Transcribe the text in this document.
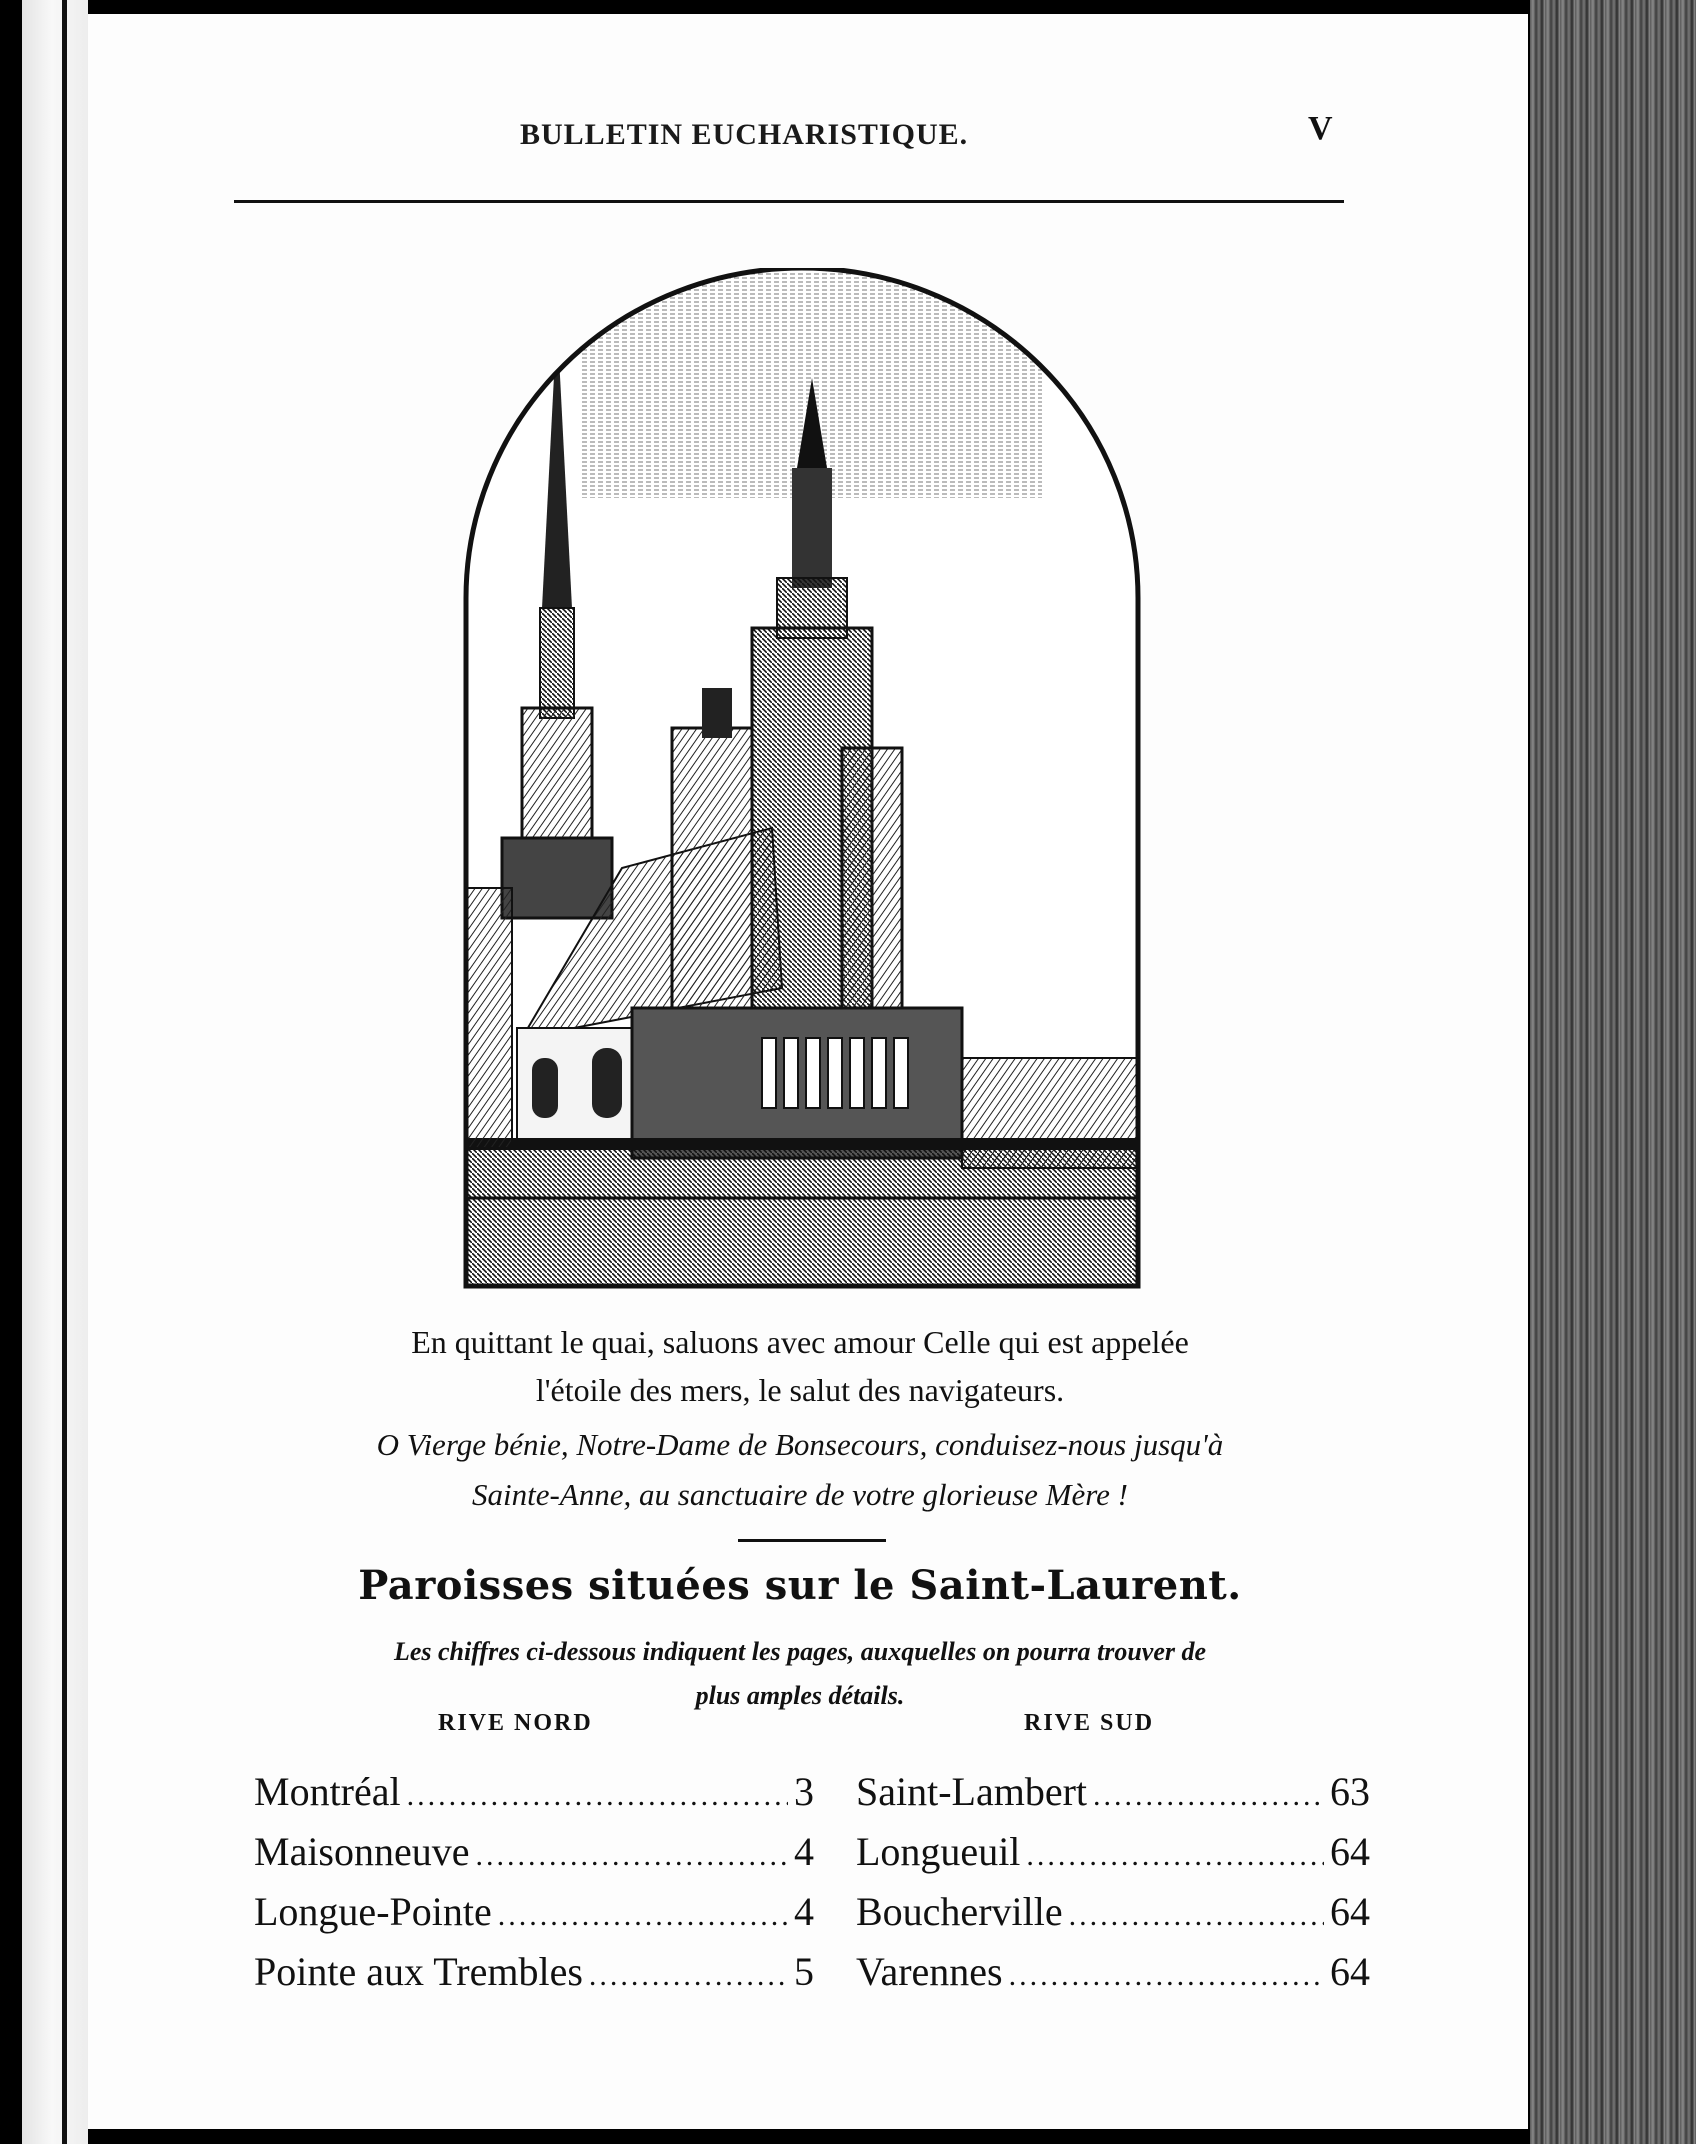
BULLETIN EUCHARISTIQUE.	V
En quittant le quai, saluons avec amour Celle qui est appelée
l'étoile des mers, le salut des navigateurs.
O Vierge bénie, Notre-Dame de Bonsecours, conduisez-nous jusqu'à
Sainte-Anne, au sanctuaire de votre glorieuse Mère !
Paroisses situées sur le Saint-Laurent.
Les chiffres ci-dessous indiquent les pages, auxquelles on pourra trouver de
plus amples détails.
RIVE NORD	RIVE SUD
Montréal .....	3
Maisonneuve .....	4
Longue-Pointe .....	4
Pointe aux Trembles .....	5
Saint-Lambert .....	63
Longueuil .....	64
Boucherville .....	64
Varennes .....	64
